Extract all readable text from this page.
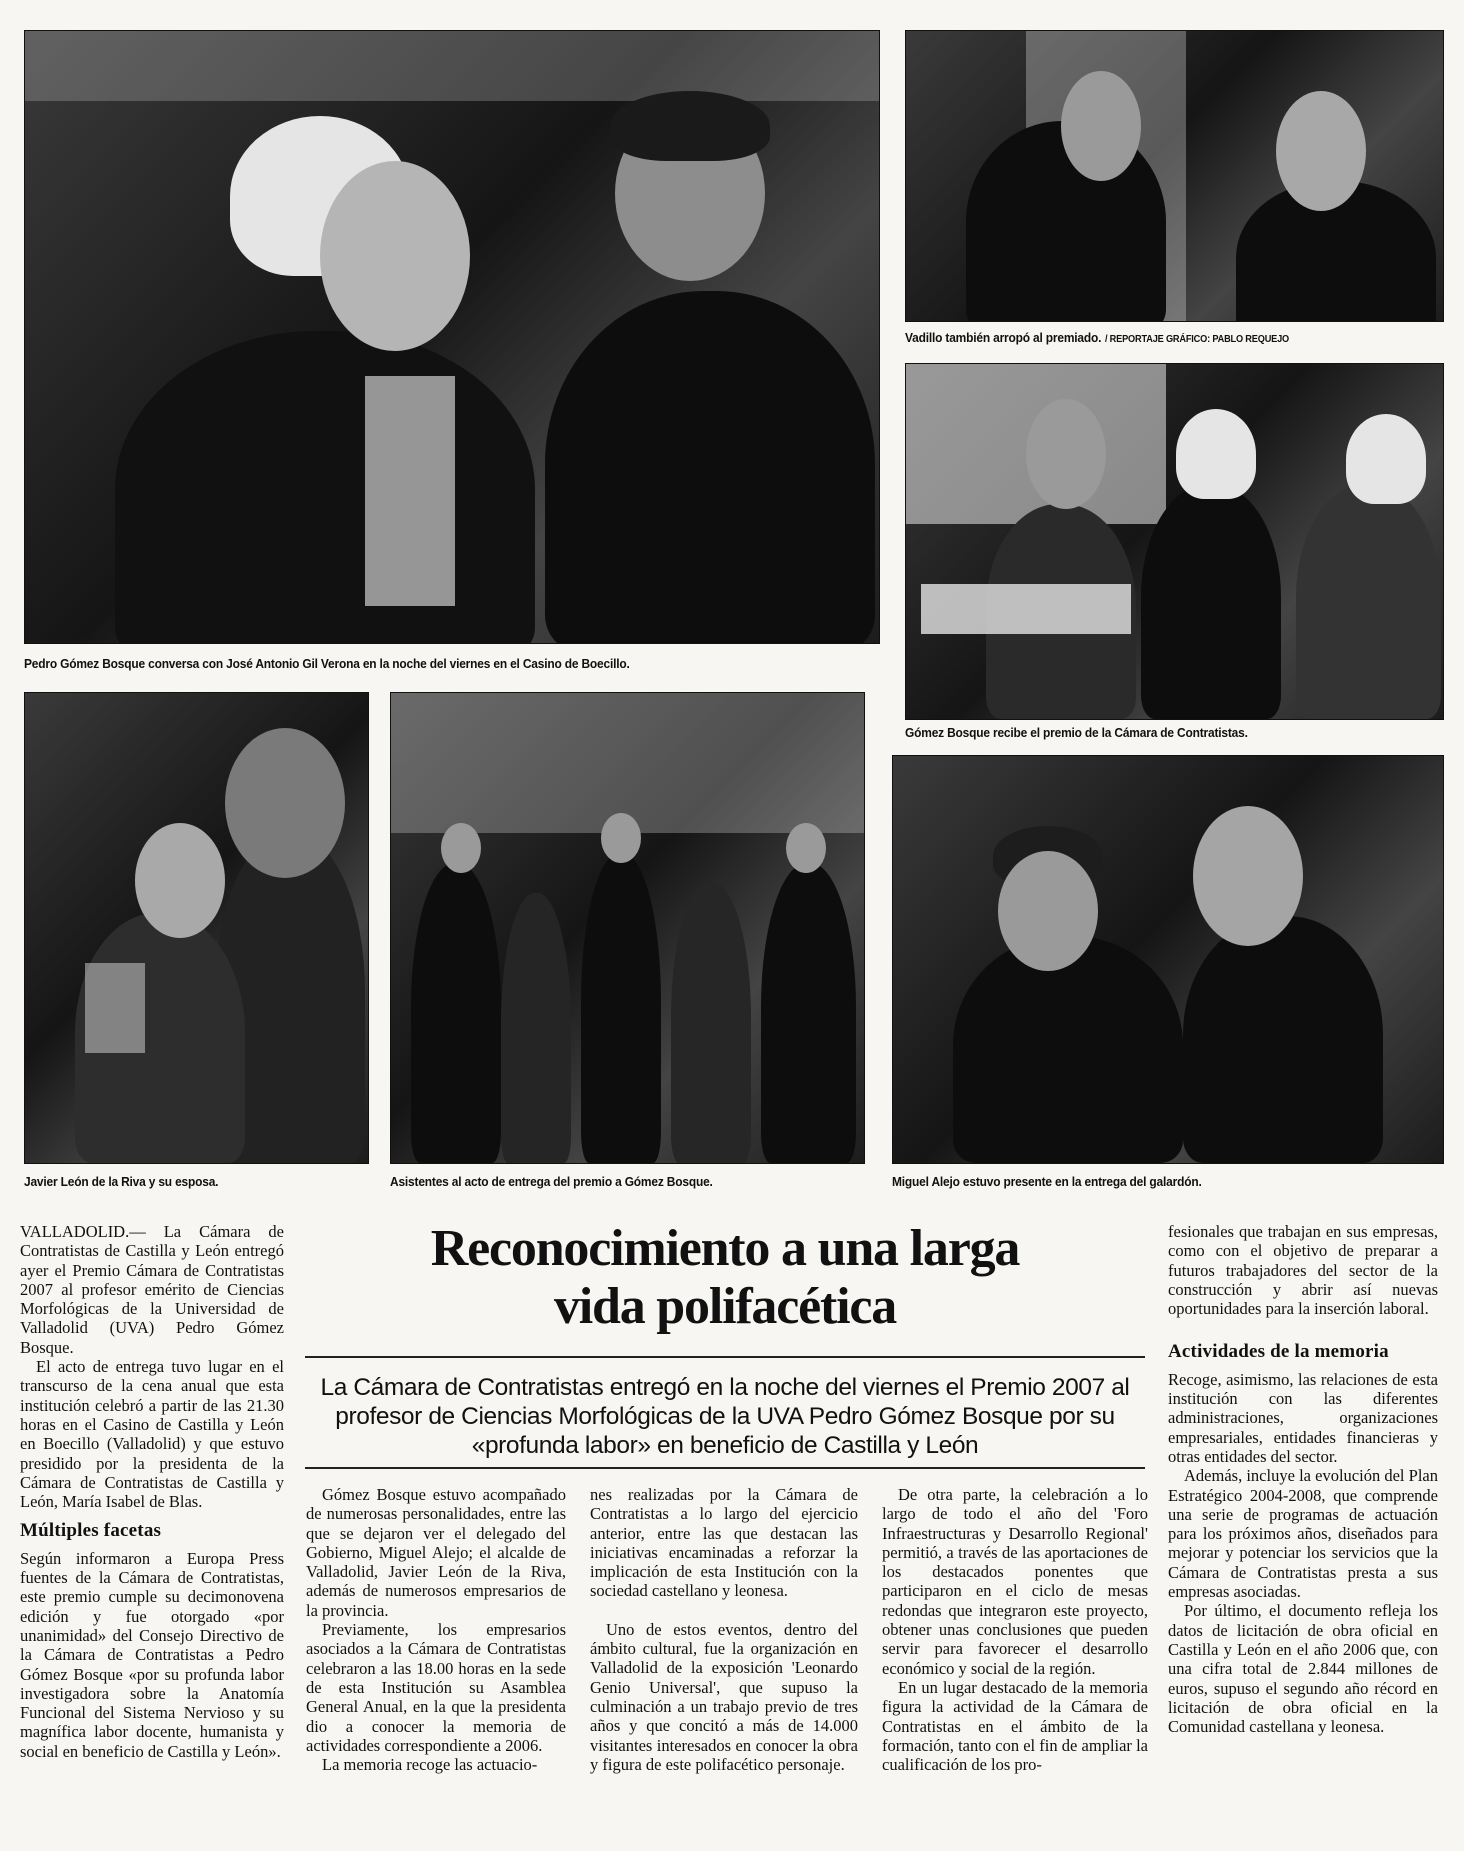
Pedro Gómez Bosque conversa con José Antonio Gil Verona en la noche del viernes en el Casino de Boecillo.
Vadillo también arropó al premiado. / REPORTAJE GRÁFICO: PABLO REQUEJO
Gómez Bosque recibe el premio de la Cámara de Contratistas.
Javier León de la Riva y su esposa.	Asistentes al acto de entrega del premio a Gómez Bosque.	Miguel Alejo estuvo presente en la entrega del galardón.
Reconocimiento a una larga
vida polifacética
La Cámara de Contratistas entregó en la noche del viernes el Premio 2007 al profesor de Ciencias Morfológicas de la UVA Pedro Gómez Bosque por su «profunda labor» en beneficio de Castilla y León

VALLADOLID.— La Cámara de Contratistas de Castilla y León entregó ayer el Premio Cámara de Contratistas 2007 al profesor emérito de Ciencias Morfológicas de la Universidad de Valladolid (UVA) Pedro Gómez Bosque.

El acto de entrega tuvo lugar en el transcurso de la cena anual que esta institución celebró a partir de las 21.30 horas en el Casino de Castilla y León en Boecillo (Valladolid) y que estuvo presidido por la presidenta de la Cámara de Contratistas de Castilla y León, María Isabel de Blas.

Múltiples facetas

Según informaron a Europa Press fuentes de la Cámara de Contratistas, este premio cumple su decimonovena edición y fue otorgado «por unanimidad» del Consejo Directivo de la Cámara de Contratistas a Pedro Gómez Bosque «por su profunda labor investigadora sobre la Anatomía Funcional del Sistema Nervioso y su magnífica labor docente, humanista y social en beneficio de Castilla y León».

Gómez Bosque estuvo acompañado de numerosas personalidades, entre las que se dejaron ver el delegado del Gobierno, Miguel Alejo; el alcalde de Valladolid, Javier León de la Riva, además de numerosos empresarios de la provincia.

Previamente, los empresarios asociados a la Cámara de Contratistas celebraron a las 18.00 horas en la sede de esta Institución su Asamblea General Anual, en la que la presidenta dio a conocer la memoria de actividades correspondiente a 2006.

La memoria recoge las actuacio-

nes realizadas por la Cámara de Contratistas a lo largo del ejercicio anterior, entre las que destacan las iniciativas encaminadas a reforzar la implicación de esta Institución con la sociedad castellano y leonesa.

Uno de estos eventos, dentro del ámbito cultural, fue la organización en Valladolid de la exposición 'Leonardo Genio Universal', que supuso la culminación a un trabajo previo de tres años y que concitó a más de 14.000 visitantes interesados en conocer la obra y figura de este polifacético personaje.

De otra parte, la celebración a lo largo de todo el año del 'Foro Infraestructuras y Desarrollo Regional' permitió, a través de las aportaciones de los destacados ponentes que participaron en el ciclo de mesas redondas que integraron este proyecto, obtener unas conclusiones que pueden servir para favorecer el desarrollo económico y social de la región.

En un lugar destacado de la memoria figura la actividad de la Cámara de Contratistas en el ámbito de la formación, tanto con el fin de ampliar la cualificación de los pro-

fesionales que trabajan en sus empresas, como con el objetivo de preparar a futuros trabajadores del sector de la construcción y abrir así nuevas oportunidades para la inserción laboral.

Actividades de la memoria

Recoge, asimismo, las relaciones de esta institución con las diferentes administraciones, organizaciones empresariales, entidades financieras y otras entidades del sector.

Además, incluye la evolución del Plan Estratégico 2004-2008, que comprende una serie de programas de actuación para los próximos años, diseñados para mejorar y potenciar los servicios que la Cámara de Contratistas presta a sus empresas asociadas.

Por último, el documento refleja los datos de licitación de obra oficial en Castilla y León en el año 2006 que, con una cifra total de 2.844 millones de euros, supuso el segundo año récord en licitación de obra oficial en la Comunidad castellana y leonesa.
